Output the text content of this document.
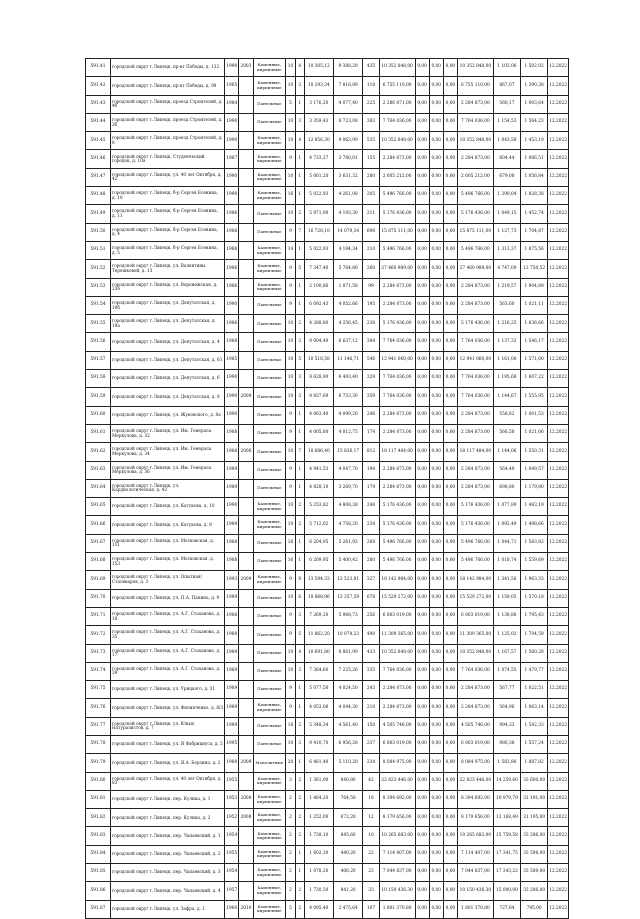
591.41	городской округ г.Липецк, пр-кт Победы, д. 132	1990	2003	Каменные, кирпичные	10	4	10 305,12	9 388,29	435	10 352 848,00	0,00	0,00	0,00	10 352 848,00	1 103,06	1 502,02	12.2022
591.42	городской округ г.Липецк, пр-кт Победы, д. 98	1965		Каменные, кирпичные	10	3	10 293,34	7 816,89	118	6 755 110,00	0,00	0,00	0,00	6 755 110,00	867,07	1 390,38	12.2022
591.43	городской округ г.Липецк, проезд Строителей, д. 4б	1984		Панельные	5	1	3 176,20	4 077,40	225	2 286 871,00	0,00	0,00	0,00	2 284 873,00	560,17	1 003,64	12.2022
591.44	городской округ г.Липецк, проезд Строителей, д. 2б	1990		Панельные	10	3	3 359,43	8 723,08	383	7 764 036,00	0,00	0,00	0,00	7 764 036,00	1 154,53	1 564,23	12.2022
591.45	городской округ г.Липецк, проезд Строителей, д. 8	1990		Каменные, кирпичные	10	4	12 856,30	9 063,90	535	10 352 848,00	0,00	0,00	0,00	10 352 848,00	1 043,58	1 453,19	12.2022
591.46	городской округ г.Липецк, Студенческий городок, д. 10а	1987		Каменные, кирпичные	9	1	4 733,27	3 780,01	155	2 284 873,00	0,00	0,00	0,00	2 284 873,00	604,44	1 066,51	12.2022
591.47	городской округ г.Липецк, ул. 40 лет Октября, д. 42	1990		Каменные, кирпичные	10	1	5 061,20	3 631,32	280	2 605 212,00	0,00	0,00	0,00	2 605 212,00	679,08	1 056,84	12.2022
591.48	городской округ г.Липецк, б-р Сергея Есенина, д. 10	1990		Каменные, кирпичные	16	1	5 022,93	4 261,08	205	5 496 766,00	0,00	0,00	0,00	5 496 766,00	1 290,04	1 828,38	12.2022
591.49	городской округ г.Липецк, б-р Сергея Есенина, д. 11	1986		Панельные	10	2	5 971,90	4 193,30	211	5 176 436,00	0,00	0,00	0,00	5 176 436,00	1 049,15	1 452,74	12.2022
591.50	городской округ г.Липецк, б-р Сергея Есенина, д. 4	1988		Панельные	9	7	16 728,10	14 079,34	698	15 875 111,00	0,00	0,00	0,00	15 875 111,00	1 127,73	1 704,87	12.2022
591.51	городской округ г.Липецк, б-р Сергея Есенина, д. 5	1988		Каменные, кирпичные	14	1	5 022,93	4 184,34	210	5 496 766,00	0,00	0,00	0,00	5 496 766,00	1 313,37	1 875,56	12.2022
591.52	городской округ г.Липецк, ул. Валентины Терешковой, д. 13	1986		Каменные, кирпичные	9	5	7 347,40	5 764,80	260	27 460 989,00	0,00	0,00	0,00	27 460 989,00	4 747,09	12 750,52	12.2022
591.53	городской округ г.Липецк, ул. Воронежская, д. 236	1986		Каменные, кирпичные	9	1	2 100,86	1 871,58	99	2 284 873,00	0,00	0,00	0,00	2 284 873,00	1 219,57	1 904,89	12.2022
591.54	городской округ г.Липецк, ул. Депутатская, д. 10б	1990		Панельные	9	1	6 092,43	4 052,66	195	2 284 873,00	0,00	0,00	0,00	2 284 873,00	563,60	1 021,11	12.2022
591.55	городской округ г.Липецк, ул. Депутатская, д. 19а	1986		Панельные	10	2	4 288,80	4 256,45	238	5 176 436,00	0,00	0,00	0,00	5 176 436,00	1 216,25	1 636,66	12.2022
591.56	городской округ г.Липецк, ул. Депутатская, д. 4	1988		Панельные	10	3	9 004,40	6 637,12	384	7 764 036,00	0,00	0,00	0,00	7 764 036,00	1 137,32	1 546,17	12.2022
591.57	городской округ г.Липецк, ул. Депутатская, д. 61	1985		Панельные	10	5	10 518,58	11 146,71	546	12 941 060,00	0,00	0,00	0,00	12 941 060,00	1 161,00	1 571,00	12.2022
591.58	городской округ г.Липецк, ул. Депутатская, д. 6	1990		Панельные	10	3	8 628,90	6 493,40	329	7 764 036,00	0,00	0,00	0,00	7 764 036,00	1 195,68	1 607,22	12.2022
591.59	городской округ г.Липецк, ул. Депутатская, д. 8	1990	2009	Панельные	10	3	9 837,69	6 753,30	359	7 764 036,00	0,00	0,00	0,00	7 764 036,00	1 144,67	1 555,95	12.2022
591.60	городской округ г.Липецк, ул. Жуковского, д. 8а	1990		Панельные	9	1	4 063,40	4 099,20	246	2 284 873,00	0,00	0,00	0,00	2 284 873,00	558,62	1 001,53	12.2022
591.61	городской округ г.Липецк, ул. Им. Генерала Меркулова, д. 32	1988		Панельные	9	1	4 005,80	4 012,75	174	2 284 873,00	0,00	0,00	0,00	2 284 873,00	566,58	1 021,06	12.2022
591.62	городской округ г.Липецк, ул. Им. Генерала Меркулова, д. 34	1988	2006	Панельные	10	7	18 686,40	15 836,17	812	18 117 484,00	0,00	0,00	0,00	18 117 484,00	1 144,06	1 550,31	12.2022
591.63	городской округ г.Липецк, ул. Им. Генерала Меркулова, д. 36	1989		Панельные	9	1	4 941,53	4 047,70	194	2 284 873,00	0,00	0,00	0,00	2 284 873,00	564,49	1 049,57	12.2022
591.64	городской округ г.Липецк, ул. Кардиологическая, д. 42	1989		Панельные	9	1	4 828,10	3 269,70	179	2 284 873,00	0,00	0,00	0,00	2 284 873,00	698,80	1 179,80	12.2022
591.65	городской округ г.Липецк, ул. Катукова, д. 10	1990		Каменные, кирпичные	10	2	5 253,82	4 808,38	248	5 176 436,00	0,00	0,00	0,00	5 176 436,00	1 077,89	1 483,19	12.2022
591.66	городской округ г.Липецк, ул. Катукова, д. 8	1989		Каменные, кирпичные	10	2	5 712,02	4 758,20	234	5 176 436,00	0,00	0,00	0,00	5 176 436,00	1 092,49	1 498,66	12.2022
591.67	городской округ г.Липецк, ул. Московская, д. 151	1988		Панельные	16	1	6 204,95	5 261,93	268	5 496 766,00	0,00	0,00	0,00	5 496 766,00	1 044,71	1 583,82	12.2022
591.68	городской округ г.Липецк, ул. Московская, д. 153	1988		Панельные	16	1	6 209,95	5 400,42	280	5 496 766,00	0,00	0,00	0,00	5 496 766,00	1 018,74	1 559,69	12.2022
591.69	городской округ г.Липецк, ул. Опытная/Сталеваров, д. 3	1993	2009	Каменные, кирпичные	9	8	13 594,33	13 523,81	327	18 142 984,00	0,00	0,00	0,00	18 142 984,00	1 341,56	1 963,33	12.2022
591.70	городской округ г.Липецк, ул. П.А. Папина, д. 9	1989		Панельные	10	6	18 868,96	13 357,59	678	15 529 272,00	0,00	0,00	0,00	15 529 272,00	1 159,05	1 570,18	12.2022
591.71	городской округ г.Липецк, ул. А.Г. Стаханова, д. 18	1988		Панельные	9	3	7 269,20	5 968,73	256	6 803 019,00	0,00	0,00	0,00	6 803 019,00	1 138,88	1 795,43	12.2022
591.72	городской округ г.Липецк, ул. А.Г. Стаханова, д. 35	1988		Панельные	9	5	11 862,20	10 079,23	490	11 309 365,00	0,00	0,00	0,00	11 309 365,00	1 125,02	1 704,59	12.2022
591.73	городской округ г.Липецк, ул. А.Г. Стаханова, д. 17	1989		Панельные	10	4	10 691,80	8 861,90	433	10 352 848,00	0,00	0,00	0,00	10 352 848,00	1 167,57	1 560,28	12.2022
591.74	городской округ г.Липецк, ул. А.Г. Стаханова, д. 39	1989		Панельные	10	3	7 364,60	7 225,26	335	7 764 036,00	0,00	0,00	0,00	7 764 036,00	1 074,55	1 479,77	12.2022
591.75	городской округ г.Липецк, ул. Урицкого, д. 31	1989		Панельные	9	1	5 077,50	4 024,50	243	2 284 873,00	0,00	0,00	0,00	2 284 873,00	567,77	1 022,51	12.2022
591.76	городской округ г.Липецк, ул. Филипченко, д. 8/3	1989		Каменные, кирпичные	9	1	4 053,06	4 044,30	210	2 284 873,00	0,00	0,00	0,00	2 284 873,00	564,96	1 063,14	12.2022
591.77	городской округ г.Липецк, ул. Юных Натуралистов, д. 7	1989		Панельные	16	2	5 348,34	4 561,40	150	4 505 746,00	0,00	0,00	0,00	4 505 746,00	994,33	1 542,33	12.2022
591.78	городской округ г.Липецк, ул. Я Фабрициуса, д. 5	1995		Панельные	10	3	9 410,70	6 956,28	237	6 803 019,00	0,00	0,00	0,00	6 803 019,00	980,38	1 557,24	12.2022
591.79	городской округ г.Липецк, ул. Я.А. Берзина, д. 2	1988	2009	Монолитные	20	1	6 461,40	5 110,20	234	8 084 975,00	0,00	0,00	0,00	8 084 975,00	1 583,86	1 887,82	12.2022
591.80	городской округ г.Липецк, ул. 40 лет Октября, д. 83	1955		Каменные, кирпичные	3	2	1 361,00	840,80	42	22 823 446,00	0,00	0,00	0,00	22 823 446,00	14 259,60	33 600,00	12.2022
591.81	городской округ г.Липецк, пер. Кулика, д. 1	1953	2008	Каменные, кирпичные	2	2	1 464,20	764,50	18	8 394 692,00	0,00	0,00	0,00	8 394 692,00	10 979,79	31 191,00	12.2022
591.82	городской округ г.Липецк, пер. Кулика, д. 2	1952	2008	Каменные, кирпичные	2	2	1 252,00	672,20	12	8 179 656,00	0,00	0,00	0,00	8 179 656,00	12 168,49	31 195,00	12.2022
591.83	городской округ г.Липецк, пер. Чапаевский, д. 1	1954		Каменные, кирпичные	2	2	1 738,10	845,60	10	10 265 683,00	0,00	0,00	0,00	10 265 683,00	15 759,58	33 286,00	12.2022
591.84	городской округ г.Липецк, пер. Чапаевский, д. 2	1955		Каменные, кирпичные	2	1	1 602,30	440,20	22	7 114 407,00	0,00	0,00	0,00	7 114 407,00	17 341,75	33 598,00	12.2022
591.85	городской округ г.Липецк, пер. Чапаевский, д. 3	1954		Каменные, кирпичные	2	1	1 078,20	406,20	23	7 044 837,00	0,00	0,00	0,00	7 044 837,00	17 343,22	33 589,00	12.2022
591.86	городской округ г.Липецк, пер. Чапаевский, д. 4	1957		Каменные, кирпичные	2	2	1 730,50	841,20	33	10 150 436,30	0,00	0,00	0,00	10 150 436,30	15 000,00	33 286,00	12.2022
591.87	городской округ г.Липецк, ул. Зафра, д. 1	1960	2010	Каменные, кирпичные	5	2	4 095,40	2 475,64	107	1 801 370,80	0,00	0,00	0,00	1 801 370,80	727,64	795,00	12.2022
